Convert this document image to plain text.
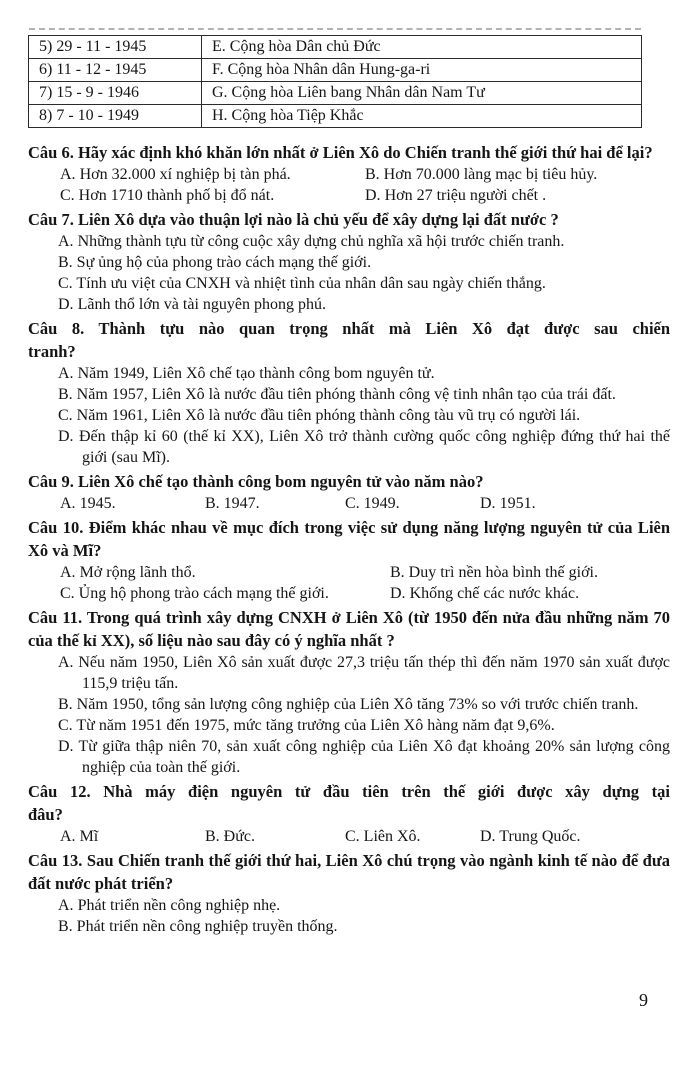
5) 29 - 11 - 1945	E. Cộng hòa Dân chủ Đức
6) 11 - 12 - 1945	F. Cộng hòa Nhân dân Hung-ga-ri
7) 15 - 9 - 1946	G. Cộng hòa Liên bang Nhân dân Nam Tư
8) 7 - 10 - 1949	H. Cộng hòa Tiệp Khắc

Câu 6. Hãy xác định khó khăn lớn nhất ở Liên Xô do Chiến tranh thế giới thứ hai để lại?

A. Hơn 32.000 xí nghiệp bị tàn phá.	B. Hơn 70.000 làng mạc bị tiêu hủy.

C. Hơn 1710 thành phố bị đổ nát.	D. Hơn 27 triệu người chết .

Câu 7. Liên Xô dựa vào thuận lợi nào là chủ yếu để xây dựng lại đất nước ?

A. Những thành tựu từ công cuộc xây dựng chủ nghĩa xã hội trước chiến tranh.

B. Sự ủng hộ của phong trào cách mạng thế giới.

C. Tính ưu việt của CNXH và nhiệt tình của nhân dân sau ngày chiến thắng.

D. Lãnh thổ lớn và tài nguyên phong phú.

Câu 8. Thành tựu nào quan trọng nhất mà Liên Xô đạt được sau chiến tranh?

A. Năm 1949, Liên Xô chế tạo thành công bom nguyên tử.

B. Năm 1957, Liên Xô là nước đầu tiên phóng thành công vệ tinh nhân tạo của trái đất.

C. Năm 1961, Liên Xô là nước đầu tiên phóng thành công tàu vũ trụ có người lái.

D. Đến thập kỉ 60 (thế kỉ XX), Liên Xô trở thành cường quốc công nghiệp đứng thứ hai thế giới (sau Mĩ).

Câu 9. Liên Xô chế tạo thành công bom nguyên tử vào năm nào?

A. 1945.	B. 1947.	C. 1949.	D. 1951.

Câu 10. Điểm khác nhau về mục đích trong việc sử dụng năng lượng nguyên tử của Liên Xô và Mĩ?

A. Mở rộng lãnh thổ.	B. Duy trì nền hòa bình thế giới.

C. Ủng hộ phong trào cách mạng thế giới.	D. Khống chế các nước khác.

Câu 11. Trong quá trình xây dựng CNXH ở Liên Xô (từ 1950 đến nửa đầu những năm 70 của thế kỉ XX), số liệu nào sau đây có ý nghĩa nhất ?

A. Nếu năm 1950, Liên Xô sản xuất được 27,3 triệu tấn thép thì đến năm 1970 sản xuất được 115,9 triệu tấn.

B. Năm 1950, tổng sản lượng công nghiệp của Liên Xô tăng 73% so với trước chiến tranh.

C. Từ năm 1951 đến 1975, mức tăng trưởng của Liên Xô hàng năm đạt 9,6%.

D. Từ giữa thập niên 70, sản xuất công nghiệp của Liên Xô đạt khoảng 20% sản lượng công nghiệp của toàn thế giới.

Câu 12. Nhà máy điện nguyên tử đầu tiên trên thế giới được xây dựng tại đâu?

A. Mĩ	B. Đức.	C. Liên Xô.	D. Trung Quốc.

Câu 13. Sau Chiến tranh thế giới thứ hai, Liên Xô chú trọng vào ngành kinh tế nào để đưa đất nước phát triển?

A. Phát triển nền công nghiệp nhẹ.

B. Phát triển nền công nghiệp truyền thống.

9
